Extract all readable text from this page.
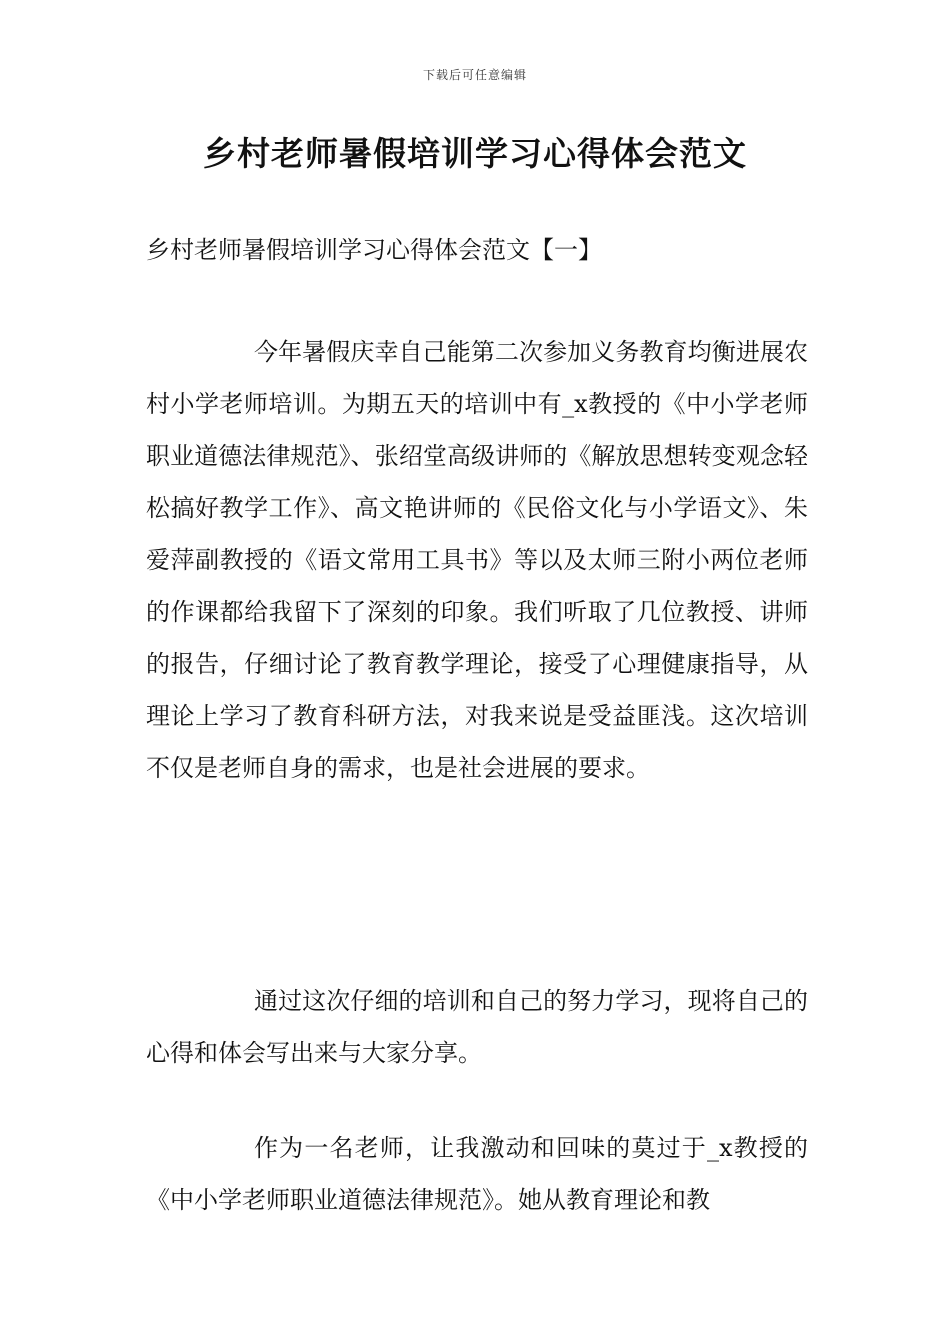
下载后可任意编辑
乡村老师暑假培训学习心得体会范文
乡村老师暑假培训学习心得体会范文【一】

今年暑假庆幸自己能第二次参加义务教育均衡进展农村小学老师培训。为期五天的培训中有_x教授的《中小学老师职业道德法律规范》、张绍堂高级讲师的《解放思想转变观念轻松搞好教学工作》、高文艳讲师的《民俗文化与小学语文》、朱爱萍副教授的《语文常用工具书》等以及太师三附小两位老师的作课都给我留下了深刻的印象。我们听取了几位教授、讲师的报告，仔细讨论了教育教学理论，接受了心理健康指导，从理论上学习了教育科研方法，对我来说是受益匪浅。这次培训不仅是老师自身的需求，也是社会进展的要求。

通过这次仔细的培训和自己的努力学习，现将自己的心得和体会写出来与大家分享。

作为一名老师，让我激动和回味的莫过于_x教授的《中小学老师职业道德法律规范》。她从教育理论和教
